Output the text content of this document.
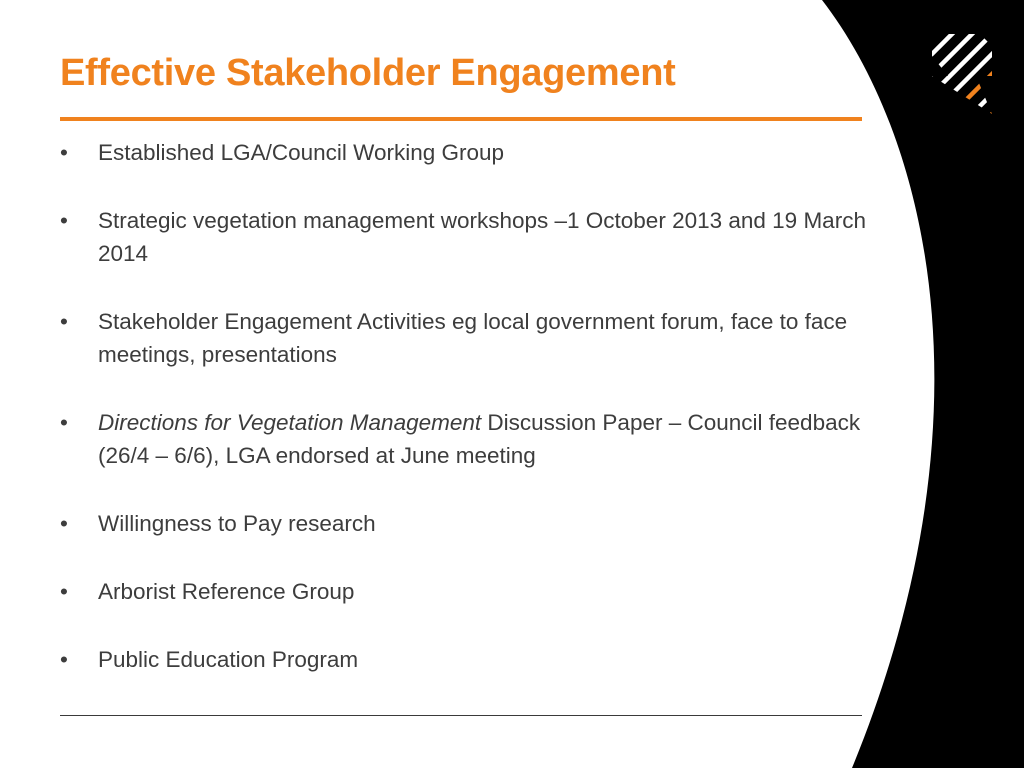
Effective Stakeholder Engagement
•	Established LGA/Council Working Group
•	Strategic vegetation management workshops –1 October 2013 and 19 March 2014
•	Stakeholder Engagement Activities eg local government forum, face to face meetings, presentations
•	Directions for Vegetation Management Discussion Paper – Council feedback (26/4 – 6/6), LGA endorsed at June meeting
•	Willingness to Pay research
•	Arborist Reference Group
•	Public Education Program
